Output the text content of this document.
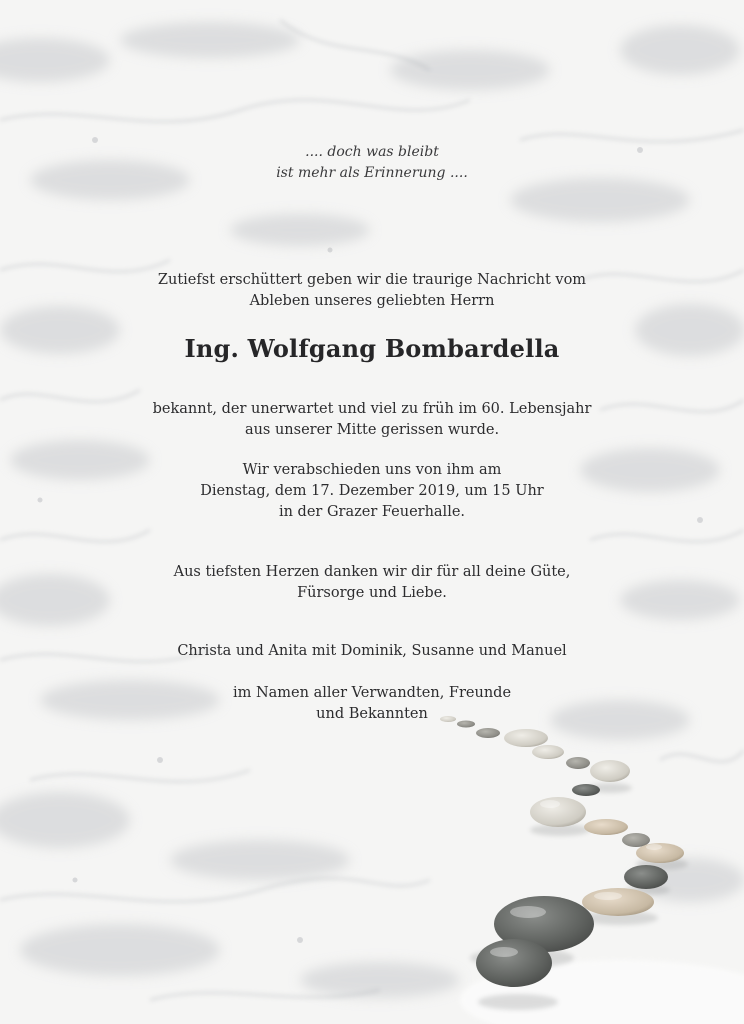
.... doch was bleibt
ist mehr als Erinnerung ....
Zutiefst erschüttert geben wir die traurige Nachricht vom
Ableben unseres geliebten Herrn
Ing. Wolfgang Bombardella
bekannt, der unerwartet und viel zu früh im 60. Lebensjahr
aus unserer Mitte gerissen wurde.
Wir verabschieden uns von ihm am
Dienstag, dem 17. Dezember 2019, um 15 Uhr
in der Grazer Feuerhalle.
Aus tiefsten Herzen danken wir dir für all deine Güte,
Fürsorge und Liebe.
Christa und Anita mit Dominik, Susanne und Manuel
im Namen aller Verwandten, Freunde
und Bekannten
